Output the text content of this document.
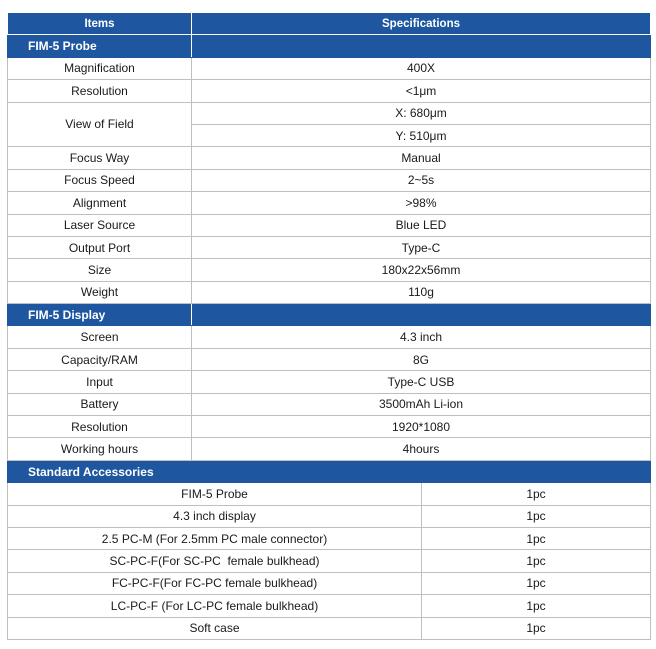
Items	Specifications	
FIM-5 Probe		
Magnification	400X	
Resolution	<1μm	
View of Field	X: 680μm	
	Y: 510μm	
Focus Way	Manual	
Focus Speed	2~5s	
Alignment	>98%	
Laser Source	Blue LED	
Output Port	Type-C	
Size	180x22x56mm	
Weight	110g	
FIM-5 Display		
Screen	4.3 inch	
Capacity/RAM	8G	
Input	Type-C USB	
Battery	3500mAh Li-ion	
Resolution	1920*1080	
Working hours	4hours	
Standard Accessories		
FIM-5 Probe		1pc
4.3 inch display		1pc
2.5 PC-M (For 2.5mm PC male connector)		1pc
SC-PC-F(For SC-PC  female bulkhead)		1pc
FC-PC-F(For FC-PC female bulkhead)		1pc
LC-PC-F (For LC-PC female bulkhead)		1pc
Soft case		1pc
